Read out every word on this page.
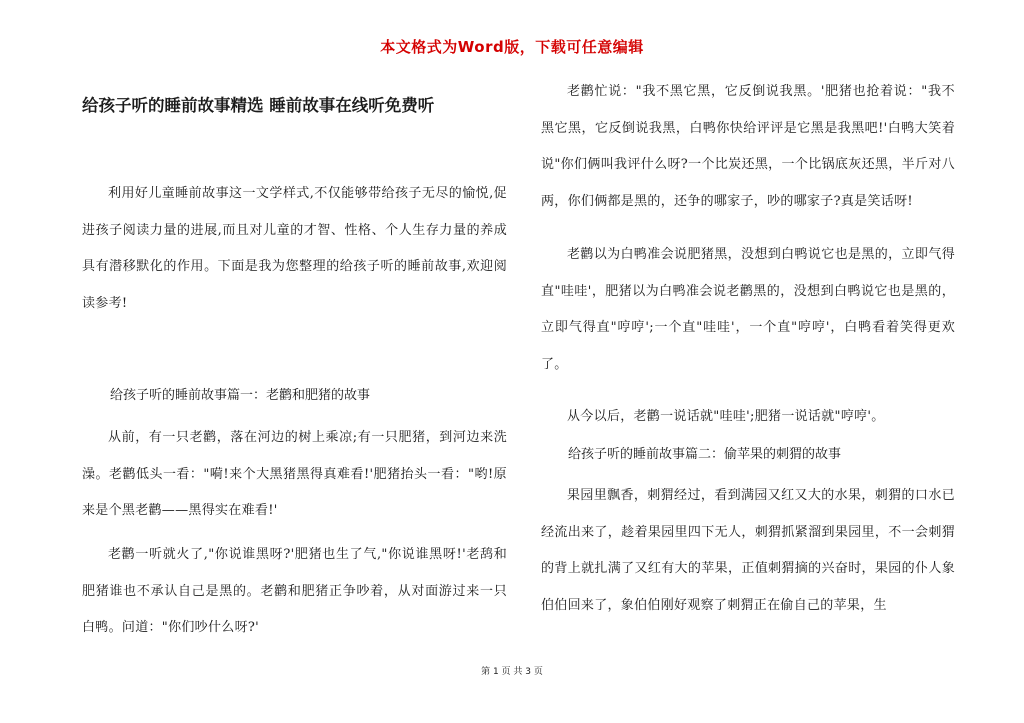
本文格式为Word版，下载可任意编辑
给孩子听的睡前故事精选 睡前故事在线听免费听
利用好儿童睡前故事这一文学样式,不仅能够带给孩子无尽的愉悦,促进孩子阅读力量的进展,而且对儿童的才智、性格、个人生存力量的养成具有潜移默化的作用。下面是我为您整理的给孩子听的睡前故事,欢迎阅读参考!
给孩子听的睡前故事篇一：老鹳和肥猪的故事
从前，有一只老鹳，落在河边的树上乘凉;有一只肥猪，到河边来洗澡。老鹳低头一看："嗬!来个大黑猪黑得真难看!'肥猪抬头一看："哟!原来是个黑老鹳——黑得实在难看!'
老鹳一听就火了,"你说谁黑呀?'肥猪也生了气,"你说谁黑呀!'老鸹和肥猪谁也不承认自己是黑的。老鹳和肥猪正争吵着，从对面游过来一只白鸭。问道："你们吵什么呀?'
老鹳忙说："我不黑它黑，它反倒说我黑。'肥猪也抢着说："我不黑它黑，它反倒说我黑，白鸭你快给评评是它黑是我黑吧!'白鸭大笑着说"你们俩叫我评什么呀?一个比炭还黑，一个比锅底灰还黑，半斤对八两，你们俩都是黑的，还争的哪家子，吵的哪家子?真是笑话呀!
老鹳以为白鸭准会说肥猪黑，没想到白鸭说它也是黑的，立即气得直"哇哇'，肥猪以为白鸭准会说老鹳黑的，没想到白鸭说它也是黑的，立即气得直"哼哼';一个直"哇哇'，一个直"哼哼'，白鸭看着笑得更欢了。
从今以后，老鹳一说话就"哇哇';肥猪一说话就"哼哼'。
给孩子听的睡前故事篇二：偷苹果的刺猬的故事
果园里飘香，刺猬经过，看到满园又红又大的水果，刺猬的口水已经流出来了，趁着果园里四下无人，刺猬抓紧溜到果园里，不一会刺猬的背上就扎满了又红有大的苹果，正值刺猬摘的兴奋时，果园的仆人象伯伯回来了，象伯伯刚好观察了刺猬正在偷自己的苹果，生
第 1 页 共 3 页
